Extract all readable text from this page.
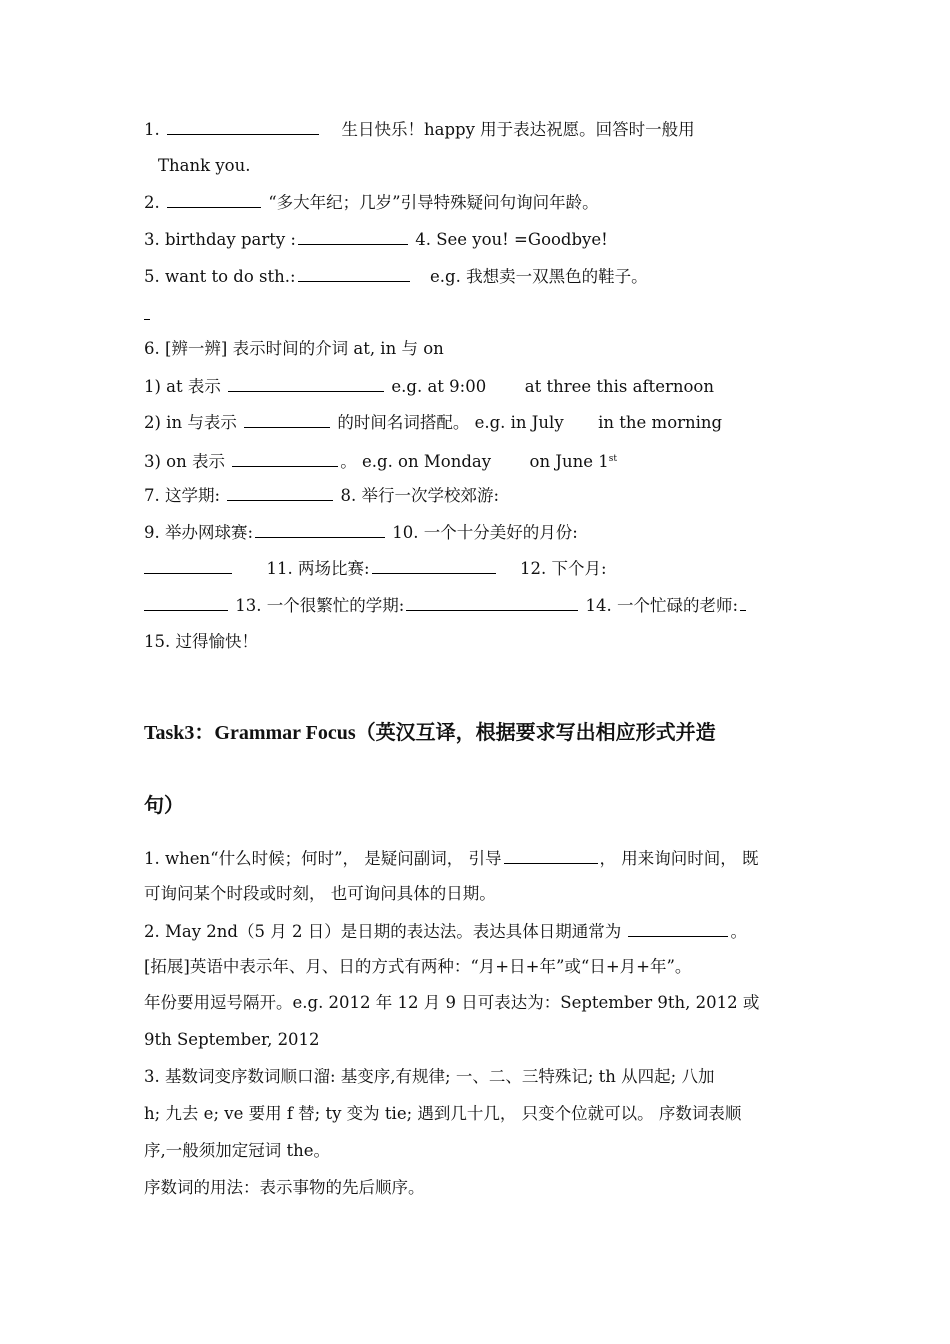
1.	生日快乐！happy 用于表达祝愿。回答时一般用
Thank you.
2.	“多大年纪；几岁”引导特殊疑问句询问年龄。
3. birthday party :	4. See you! =Goodbye!
5. want to do sth.:	e.g. 我想卖一双黑色的鞋子。
6. [辨一辨] 表示时间的介词 at, in 与 on
1) at 表示	e.g. at 9:00 at three this afternoon
2) in 与表示	的时间名词搭配。 e.g. in July in the morning
3) on 表示	。 e.g. on Monday on June 1st
7. 这学期:	8. 举行一次学校郊游:
9. 举办网球赛:	10. 一个十分美好的月份:
11. 两场比赛:	12. 下个月:
13. 一个很繁忙的学期:	14. 一个忙碌的老师:
15. 过得愉快！
Task3：Grammar Focus（英汉互译，根据要求写出相应形式并造
句）
1. when“什么时候；何时”， 是疑问副词， 引导	， 用来询问时间， 既
可询问某个时段或时刻， 也可询问具体的日期。
2. May 2nd（5 月 2 日）是日期的表达法。表达具体日期通常为	。
[拓展]英语中表示年、月、日的方式有两种：“月+日+年”或“日+月+年”。
年份要用逗号隔开。e.g. 2012 年 12 月 9 日可表达为：September 9th, 2012 或
9th September, 2012
3. 基数词变序数词顺口溜: 基变序,有规律; 一、二、三特殊记; th 从四起; 八加
h; 九去 e; ve 要用 f 替; ty 变为 tie; 遇到几十几， 只变个位就可以。 序数词表顺
序,一般须加定冠词 the。
序数词的用法：表示事物的先后顺序。
